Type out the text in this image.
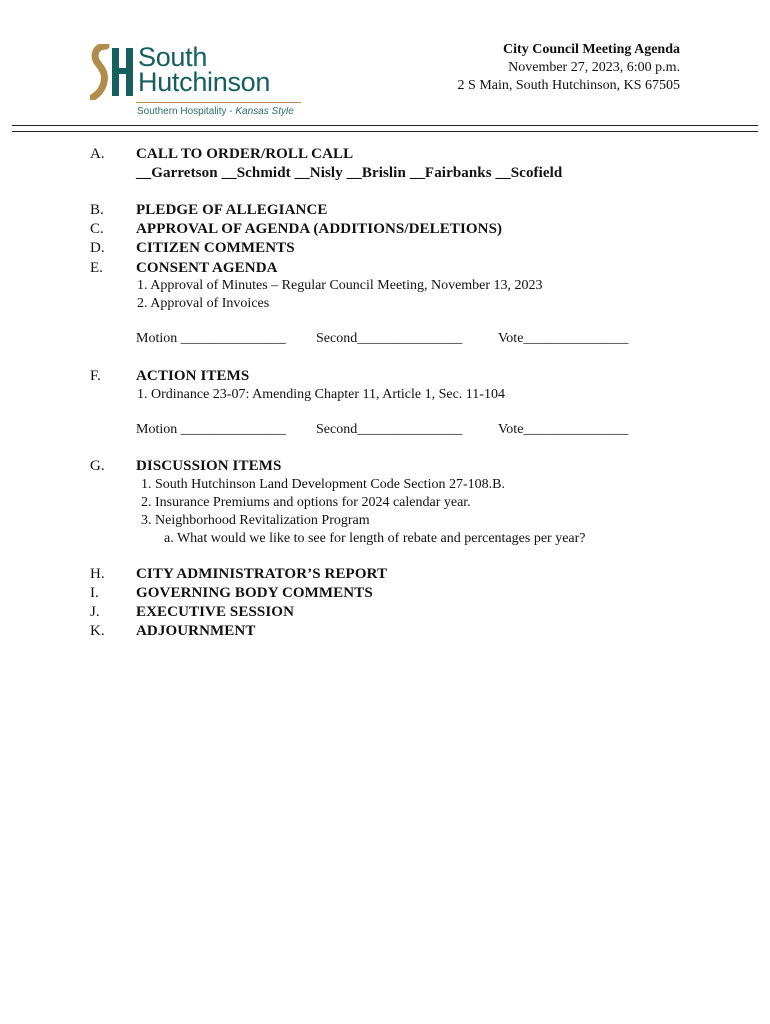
South
Hutchinson
Southern Hospitality - Kansas Style
City Council Meeting Agenda
November 27, 2023, 6:00 p.m.
2 S Main, South Hutchinson, KS 67505
A. CALL TO ORDER/ROLL CALL
__Garretson __Schmidt __Nisly __Brislin __Fairbanks __Scofield
B. PLEDGE OF ALLEGIANCE
C. APPROVAL OF AGENDA (ADDITIONS/DELETIONS)
D. CITIZEN COMMENTS
E. CONSENT AGENDA
1. Approval of Minutes – Regular Council Meeting, November 13, 2023
2. Approval of Invoices
Motion _______________ Second_______________	Vote_______________
F. ACTION ITEMS
1. Ordinance 23-07: Amending Chapter 11, Article 1, Sec. 11-104
Motion _______________ Second_______________	Vote_______________
G. DISCUSSION ITEMS
1. South Hutchinson Land Development Code Section 27-108.B.
2. Insurance Premiums and options for 2024 calendar year.
3. Neighborhood Revitalization Program
a. What would we like to see for length of rebate and percentages per year?
H. CITY ADMINISTRATOR’S REPORT
I. GOVERNING BODY COMMENTS
J. EXECUTIVE SESSION
K. ADJOURNMENT
